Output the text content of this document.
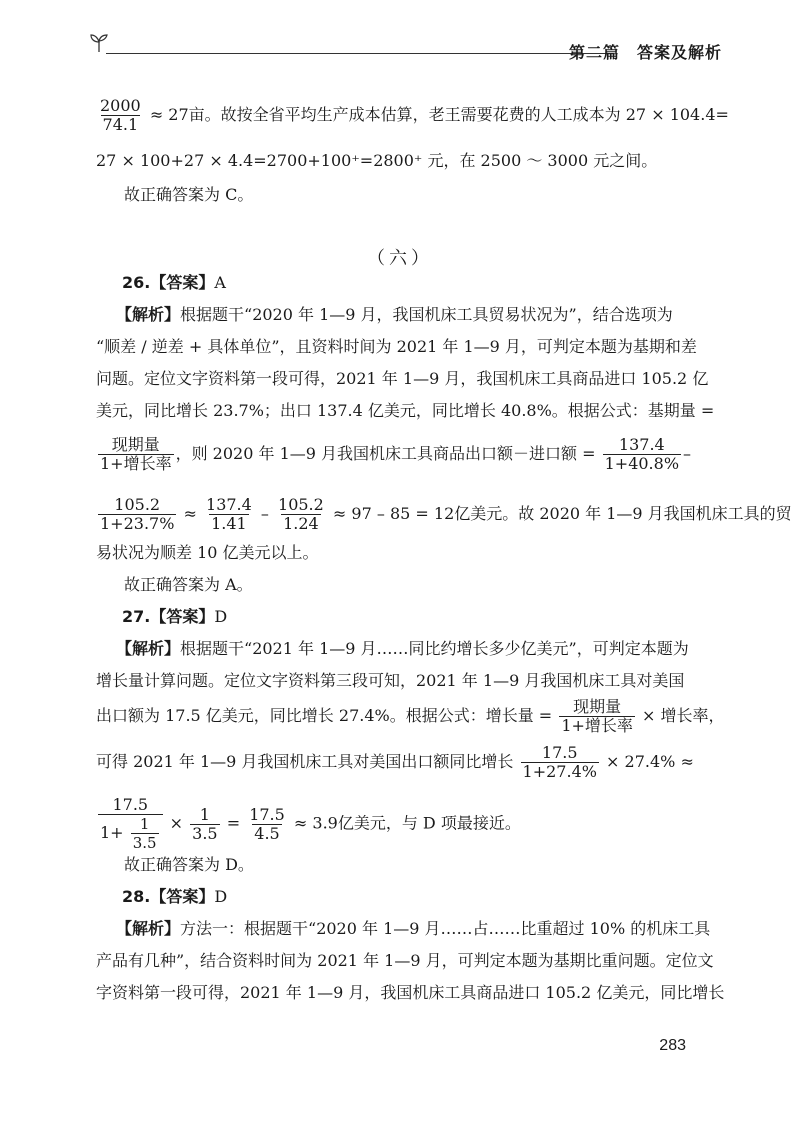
第二篇　答案及解析
$\frac{2000}{74.1} \approx 27$亩。故按全省平均生产成本估算，老王需要花费的人工成本为 27 × 104.4=
27 × 100+27 × 4.4=2700+100⁺=2800⁺ 元，在 2500 ～ 3000 元之间。
故正确答案为 C。
（六）
26.【答案】A
【解析】根据题干“2020 年 1—9 月，我国机床工具贸易状况为”，结合选项为
“顺差 / 逆差 + 具体单位”，且资料时间为 2021 年 1—9 月，可判定本题为基期和差
问题。定位文字资料第一段可得，2021 年 1—9 月，我国机床工具商品进口 105.2 亿
美元，同比增长 23.7%；出口 137.4 亿美元，同比增长 40.8%。根据公式：基期量 =
$\frac{\text{现期量}}{\text{1+增长率}}$ ，则 2020 年 1—9 月我国机床工具商品出口额－进口额 = $\frac{137.4}{1+40.8\%}$ –
$\frac{105.2}{1+23.7\%} \approx \frac{137.4}{1.41} - \frac{105.2}{1.24} \approx 97 - 85 = 12$亿美元。故 2020 年 1—9 月我国机床工具的贸
易状况为顺差 10 亿美元以上。
故正确答案为 A。
27.【答案】D
【解析】根据题干“2021 年 1—9 月……同比约增长多少亿美元”，可判定本题为
增长量计算问题。定位文字资料第三段可知，2021 年 1—9 月我国机床工具对美国
出口额为 17.5 亿美元，同比增长 27.4%。根据公式：增长量 = $\frac{\text{现期量}}{\text{1+增长率}}$ × 增长率，
可得 2021 年 1—9 月我国机床工具对美国出口额同比增长 $\frac{17.5}{1+27.4\%} \times 27.4\%$ ≈
$\frac{17.5}{1+ \frac{1}{3.5}} \times \frac{1}{3.5} = \frac{17.5}{4.5} \approx 3.9$亿美元，与 D 项最接近。
故正确答案为 D。
28.【答案】D
【解析】方法一：根据题干“2020 年 1—9 月……占……比重超过 10% 的机床工具
产品有几种”，结合资料时间为 2021 年 1—9 月，可判定本题为基期比重问题。定位文
字资料第一段可得，2021 年 1—9 月，我国机床工具商品进口 105.2 亿美元，同比增长
283
